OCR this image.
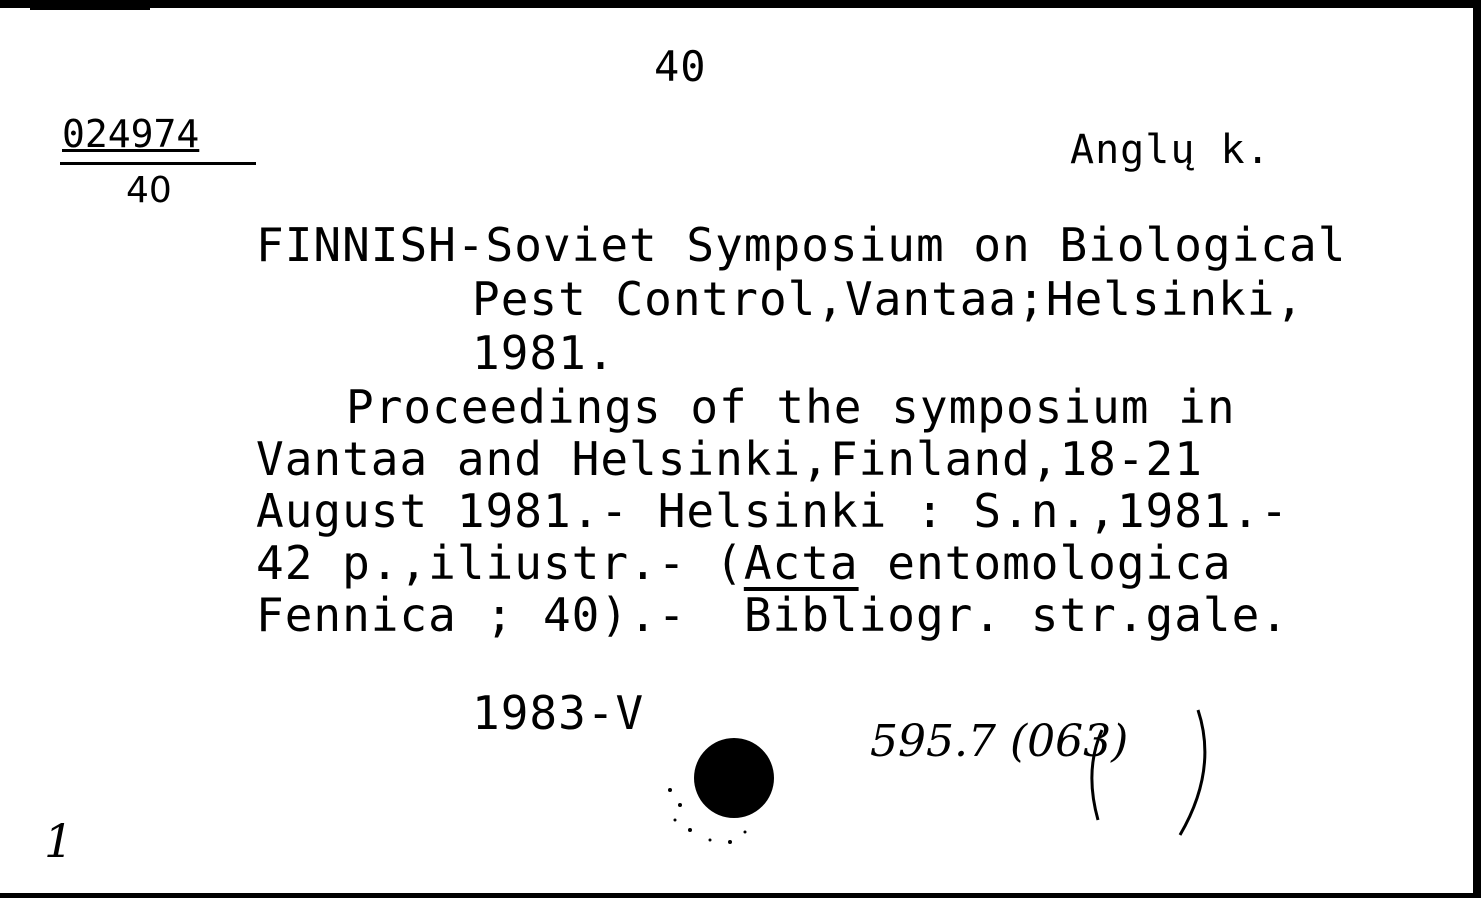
40
024974
40
Anglų k.
FINNISH-Soviet Symposium on Biological
Pest Control,Vantaa;Helsinki,
1981.
Proceedings of the symposium in
Vantaa and Helsinki,Finland,18-21
August 1981.- Helsinki : S.n.,1981.-
42 p.,iliustr.- (Acta entomologica
Fennica ; 40).-  Bibliogr. str.gale.
1983-V
595.7 (063)
1
